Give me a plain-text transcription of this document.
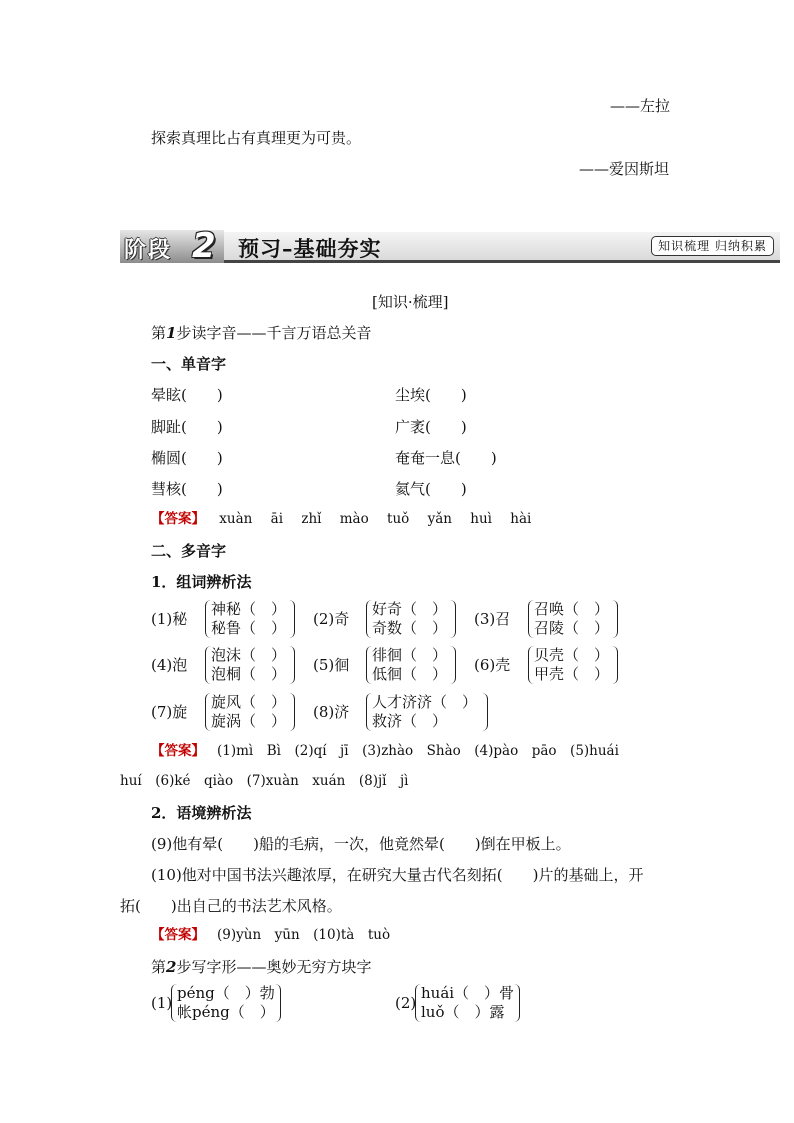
——左拉
探索真理比占有真理更为可贵。
——爱因斯坦
阶段 2 预习–基础夯实	知识梳理 归纳积累
[知识·梳理]
第1步读字音——千言万语总关音
一、单音字
晕眩(　　)
脚趾(　　)
椭圆(　　)
彗核(　　)
尘埃(　　)
广袤(　　)
奄奄一息(　　)
氦气(　　)
【答案】 xuàn āi zhǐ mào tuǒ yǎn huì hài
二、多音字
1．组词辨析法
(1)秘
神秘（　）
秘鲁（　） (2)奇
好奇（　）
奇数（　） (3)召
召唤（　）
召陵（　）
(4)泡
泡沫（　）
泡桐（　） (5)徊
徘徊（　）
低徊（　） (6)壳
贝壳（　）
甲壳（　）
(7)旋
旋风（　）
旋涡（　） (8)济
人才济济（　）
救济（　）
【答案】 (1)mì　Bì　(2)qí　jī　(3)zhào　Shào　(4)pào　pāo　(5)huái
huí　(6)ké　qiào　(7)xuàn　xuán　(8)jǐ　jì
2．语境辨析法
(9)他有晕(　　)船的毛病，一次，他竟然晕(　　)倒在甲板上。
(10)他对中国书法兴趣浓厚，在研究大量古代名刻拓(　　)片的基础上，开
拓(　　)出自己的书法艺术风格。
【答案】 (9)yùn　yūn　(10)tà　tuò
第2步写字形——奥妙无穷方块字
(1)
péng（　）勃
帐péng（　）	(2)
huái（　）骨
luǒ（　）露
